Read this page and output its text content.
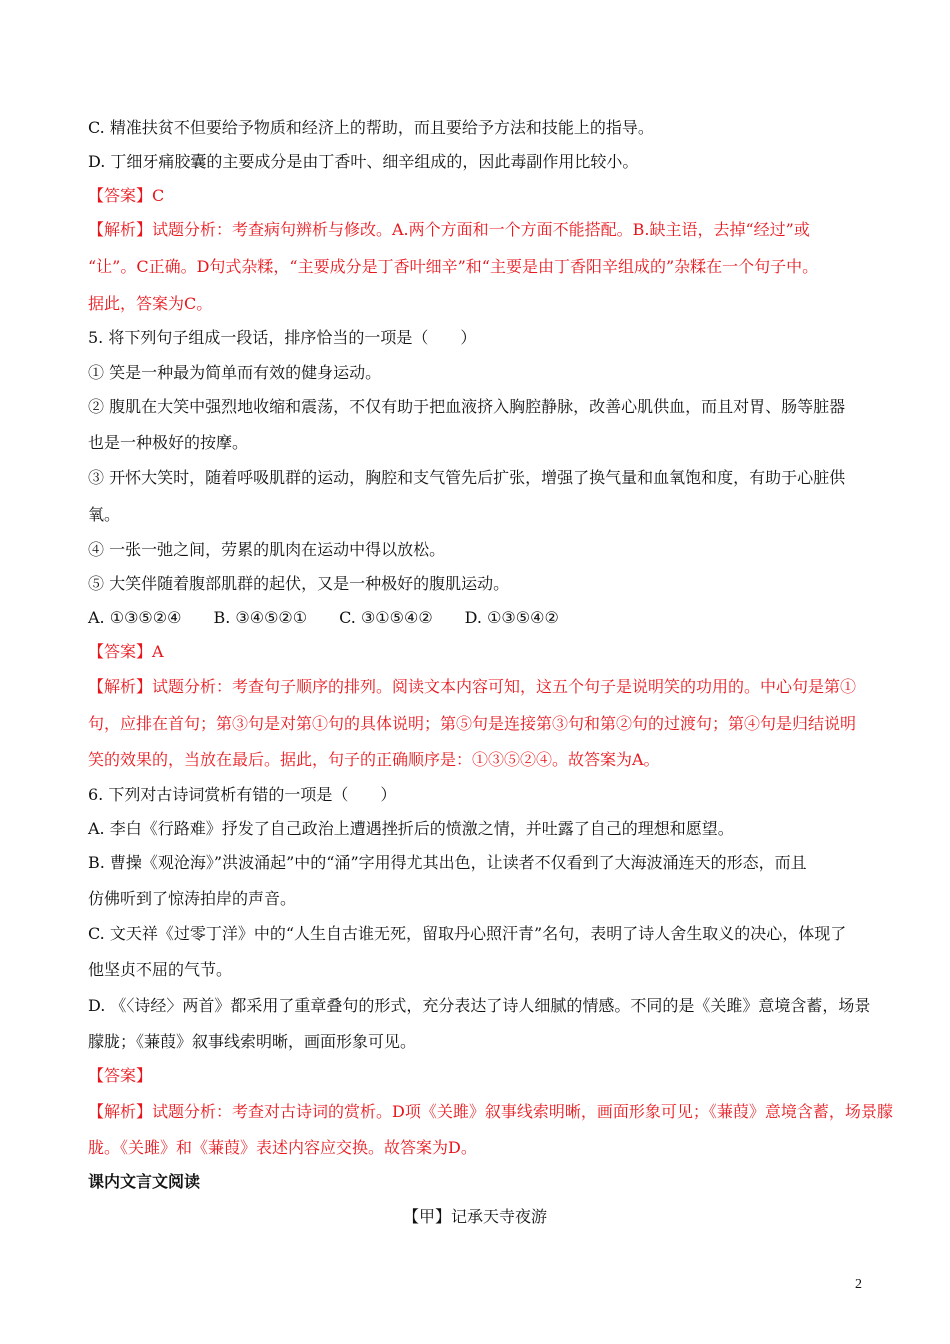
C. 精准扶贫不但要给予物质和经济上的帮助，而且要给予方法和技能上的指导。
D. 丁细牙痛胶囊的主要成分是由丁香叶、细辛组成的，因此毒副作用比较小。
【答案】C
【解析】试题分析：考查病句辨析与修改。A.两个方面和一个方面不能搭配。B.缺主语，去掉“经过”或
“让”。C正确。D句式杂糅，“主要成分是丁香叶细辛”和“主要是由丁香阳辛组成的”杂糅在一个句子中。
据此，答案为C。
5. 将下列句子组成一段话，排序恰当的一项是（　　）
① 笑是一种最为简单而有效的健身运动。
② 腹肌在大笑中强烈地收缩和震荡，不仅有助于把血液挤入胸腔静脉，改善心肌供血，而且对胃、肠等脏器
也是一种极好的按摩。
③ 开怀大笑时，随着呼吸肌群的运动，胸腔和支气管先后扩张，增强了换气量和血氧饱和度，有助于心脏供
氧。
④ 一张一弛之间，劳累的肌肉在运动中得以放松。
⑤ 大笑伴随着腹部肌群的起伏，又是一种极好的腹肌运动。
A. ①③⑤②④　　B. ③④⑤②①　　C. ③①⑤④②　　D. ①③⑤④②
【答案】A
【解析】试题分析：考查句子顺序的排列。阅读文本内容可知，这五个句子是说明笑的功用的。中心句是第①
句，应排在首句；第③句是对第①句的具体说明；第⑤句是连接第③句和第②句的过渡句；第④句是归结说明
笑的效果的，当放在最后。据此，句子的正确顺序是：①③⑤②④。故答案为A。
6. 下列对古诗词赏析有错的一项是（　　）
A. 李白《行路难》抒发了自己政治上遭遇挫折后的愤激之情，并吐露了自己的理想和愿望。
B. 曹操《观沧海》”洪波涌起”中的“涌”字用得尤其出色，让读者不仅看到了大海波涌连天的形态，而且
仿佛听到了惊涛拍岸的声音。
C. 文天祥《过零丁洋》中的“人生自古谁无死，留取丹心照汗青”名句，表明了诗人舍生取义的决心，体现了
他坚贞不屈的气节。
D. 《〈诗经〉两首》都采用了重章叠句的形式，充分表达了诗人细腻的情感。不同的是《关雎》意境含蓄，场景
朦胧；《蒹葭》叙事线索明晰，画面形象可见。
【答案】
【解析】试题分析：考查对古诗词的赏析。D项《关雎》叙事线索明晰，画面形象可见；《蒹葭》意境含蓄，场景朦
胧。《关雎》和《蒹葭》表述内容应交换。故答案为D。
课内文言文阅读
【甲】记承天寺夜游
2
